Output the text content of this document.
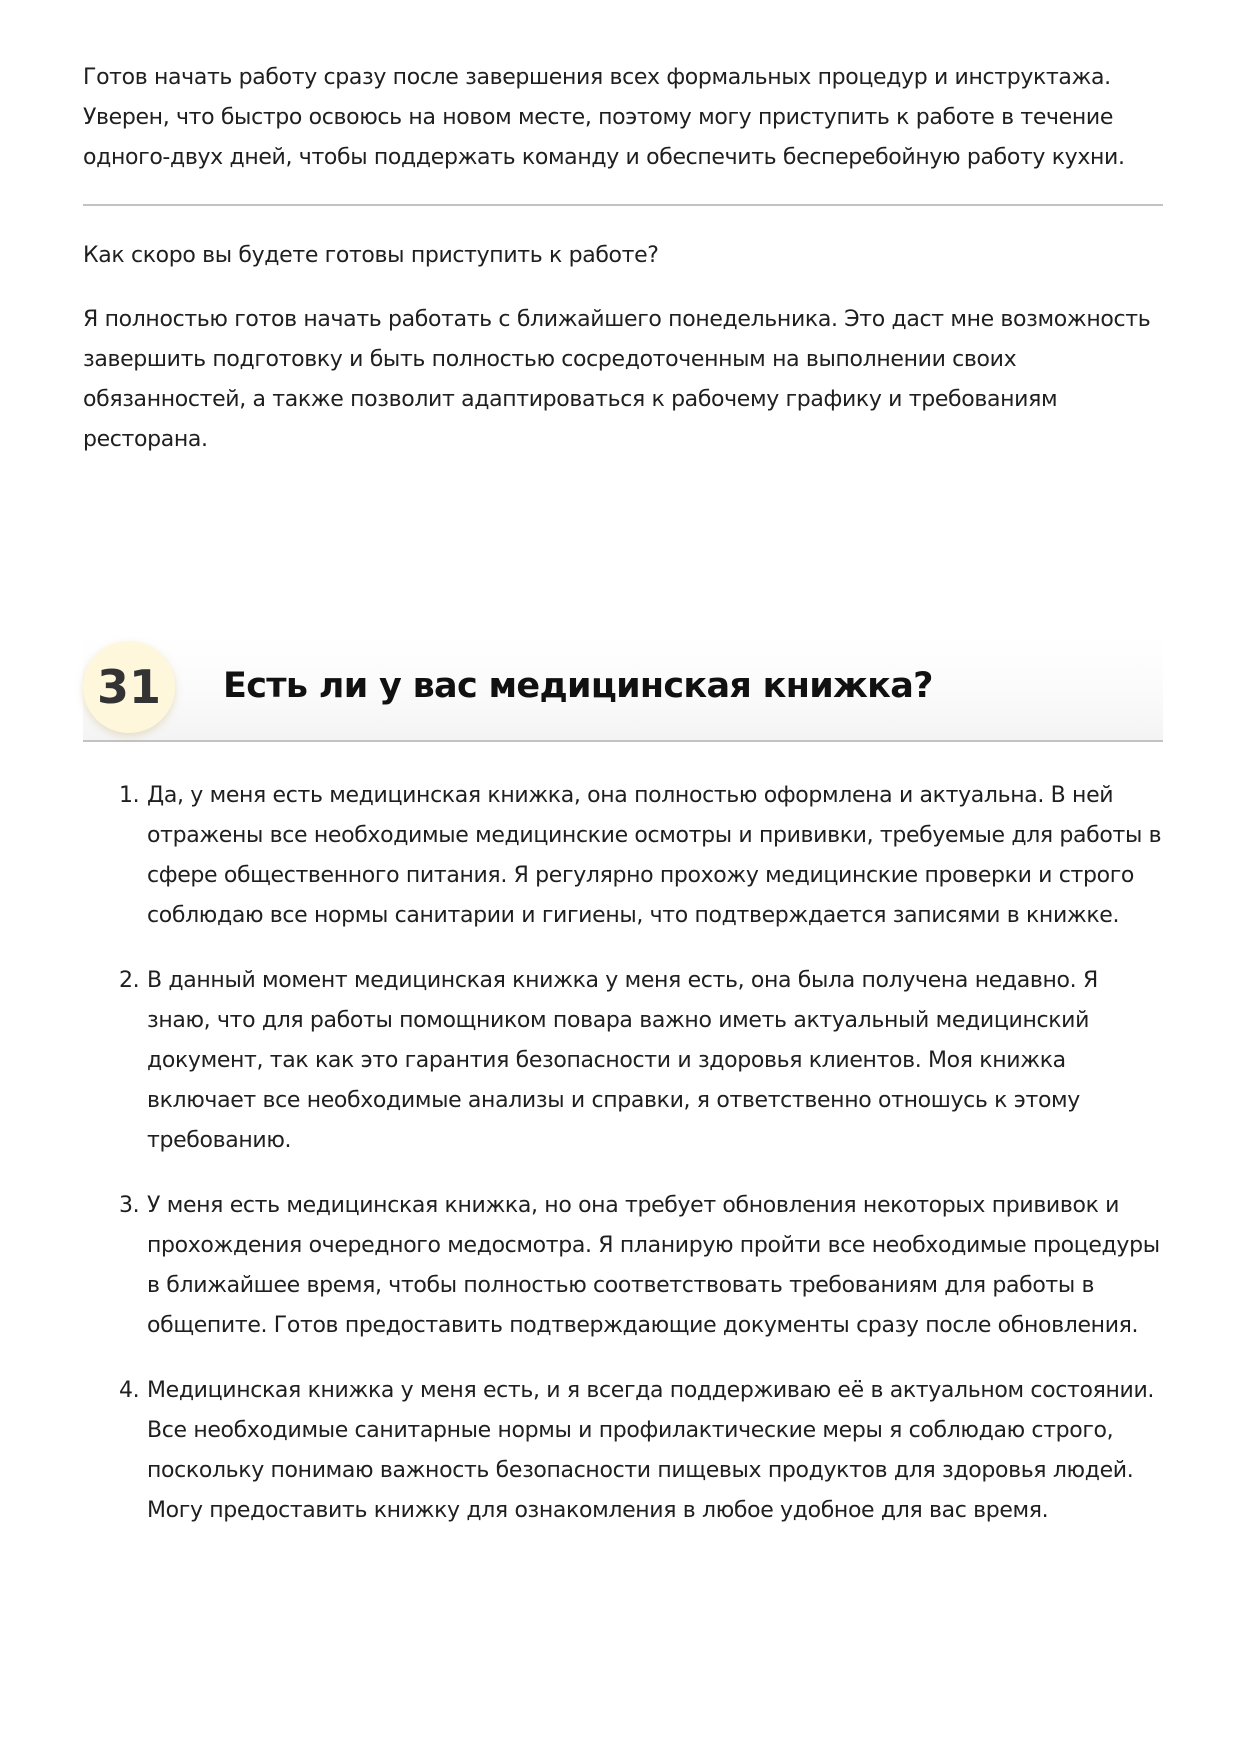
Готов начать работу сразу после завершения всех формальных процедур и инструктажа. Уверен, что быстро освоюсь на новом месте, поэтому могу приступить к работе в течение одного-двух дней, чтобы поддержать команду и обеспечить бесперебойную работу кухни.

Как скоро вы будете готовы приступить к работе?

Я полностью готов начать работать с ближайшего понедельника. Это даст мне возможность завершить подготовку и быть полностью сосредоточенным на выполнении своих обязанностей, а также позволит адаптироваться к рабочему графику и требованиям ресторана.

31	Есть ли у вас медицинская книжка?
1. Да, у меня есть медицинская книжка, она полностью оформлена и актуальна. В ней отражены все необходимые медицинские осмотры и прививки, требуемые для работы в сфере общественного питания. Я регулярно прохожу медицинские проверки и строго соблюдаю все нормы санитарии и гигиены, что подтверждается записями в книжке.
2. В данный момент медицинская книжка у меня есть, она была получена недавно. Я знаю, что для работы помощником повара важно иметь актуальный медицинский документ, так как это гарантия безопасности и здоровья клиентов. Моя книжка включает все необходимые анализы и справки, я ответственно отношусь к этому требованию.
3. У меня есть медицинская книжка, но она требует обновления некоторых прививок и прохождения очередного медосмотра. Я планирую пройти все необходимые процедуры в ближайшее время, чтобы полностью соответствовать требованиям для работы в общепите. Готов предоставить подтверждающие документы сразу после обновления.
4. Медицинская книжка у меня есть, и я всегда поддерживаю её в актуальном состоянии. Все необходимые санитарные нормы и профилактические меры я соблюдаю строго, поскольку понимаю важность безопасности пищевых продуктов для здоровья людей. Могу предоставить книжку для ознакомления в любое удобное для вас время.
